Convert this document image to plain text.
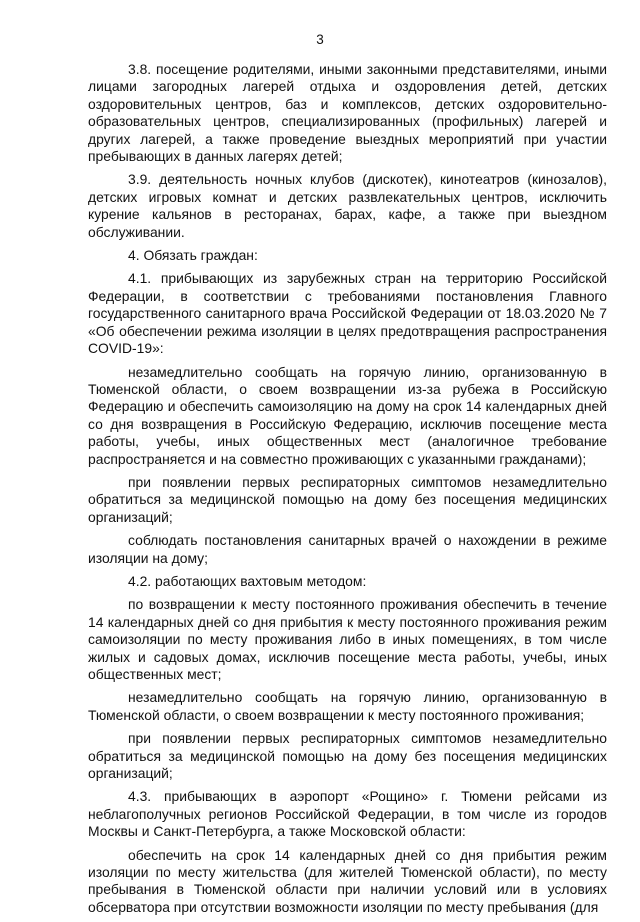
3

3.8. посещение родителями, иными законными представителями, иными лицами загородных лагерей отдыха и оздоровления детей, детских оздоровительных центров, баз и комплексов, детских оздоровительно-образовательных центров, специализированных (профильных) лагерей и других лагерей, а также проведение выездных мероприятий при участии пребывающих в данных лагерях детей;

3.9. деятельность ночных клубов (дискотек), кинотеатров (кинозалов), детских игровых комнат и детских развлекательных центров, исключить курение кальянов в ресторанах, барах, кафе, а также при выездном обслуживании.

4. Обязать граждан:

4.1. прибывающих из зарубежных стран на территорию Российской Федерации, в соответствии с требованиями постановления Главного государственного санитарного врача Российской Федерации от 18.03.2020 № 7 «Об обеспечении режима изоляции в целях предотвращения распространения COVID-19»:

незамедлительно сообщать на горячую линию, организованную в Тюменской области, о своем возвращении из-за рубежа в Российскую Федерацию и обеспечить самоизоляцию на дому на срок 14 календарных дней со дня возвращения в Российскую Федерацию, исключив посещение места работы, учебы, иных общественных мест (аналогичное требование распространяется и на совместно проживающих с указанными гражданами);

при появлении первых респираторных симптомов незамедлительно обратиться за медицинской помощью на дому без посещения медицинских организаций;

соблюдать постановления санитарных врачей о нахождении в режиме изоляции на дому;

4.2. работающих вахтовым методом:

по возвращении к месту постоянного проживания обеспечить в течение 14 календарных дней со дня прибытия к месту постоянного проживания режим самоизоляции по месту проживания либо в иных помещениях, в том числе жилых и садовых домах, исключив посещение места работы, учебы, иных общественных мест;

незамедлительно сообщать на горячую линию, организованную в Тюменской области, о своем возвращении к месту постоянного проживания;

при появлении первых респираторных симптомов незамедлительно обратиться за медицинской помощью на дому без посещения медицинских организаций;

4.3. прибывающих в аэропорт «Рощино» г. Тюмени рейсами из неблагополучных регионов Российской Федерации, в том числе из городов Москвы и Санкт-Петербурга, а также Московской области:

обеспечить на срок 14 календарных дней со дня прибытия режим изоляции по месту жительства (для жителей Тюменской области), по месту пребывания в Тюменской области при наличии условий или в условиях обсерватора при отсутствии возможности изоляции по месту пребывания (для
